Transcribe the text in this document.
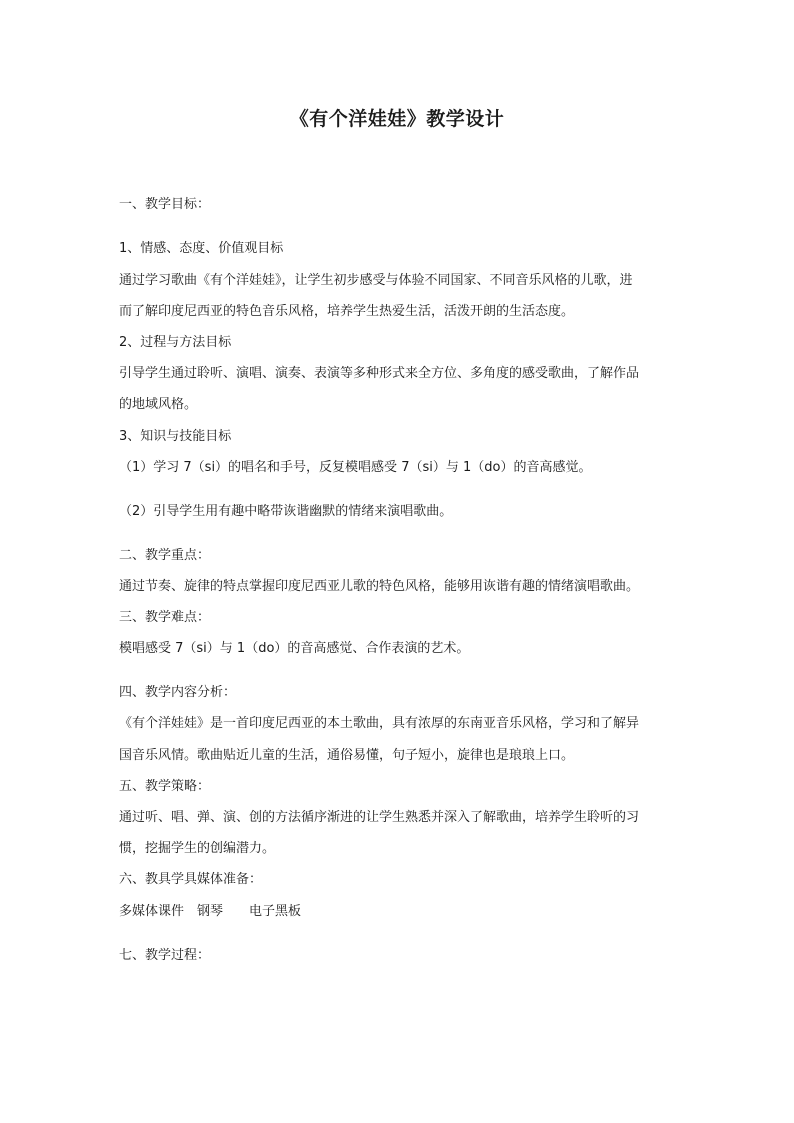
《有个洋娃娃》教学设计
一、教学目标：
1、情感、态度、价值观目标
通过学习歌曲《有个洋娃娃》，让学生初步感受与体验不同国家、不同音乐风格的儿歌，进
而了解印度尼西亚的特色音乐风格，培养学生热爱生活，活泼开朗的生活态度。
2、过程与方法目标
引导学生通过聆听、演唱、演奏、表演等多种形式来全方位、多角度的感受歌曲，了解作品
的地域风格。
3、知识与技能目标
（1）学习 7（si）的唱名和手号，反复模唱感受 7（si）与 1（do）的音高感觉。
（2）引导学生用有趣中略带诙谐幽默的情绪来演唱歌曲。
二、教学重点：
通过节奏、旋律的特点掌握印度尼西亚儿歌的特色风格，能够用诙谐有趣的情绪演唱歌曲。
三、教学难点：
模唱感受 7（si）与 1（do）的音高感觉、合作表演的艺术。
四、教学内容分析：
《有个洋娃娃》是一首印度尼西亚的本土歌曲，具有浓厚的东南亚音乐风格，学习和了解异
国音乐风情。歌曲贴近儿童的生活，通俗易懂，句子短小，旋律也是琅琅上口。
五、教学策略：
通过听、唱、弹、演、创的方法循序渐进的让学生熟悉并深入了解歌曲，培养学生聆听的习
惯，挖掘学生的创编潜力。
六、教具学具媒体准备：
多媒体课件　钢琴　　电子黑板
七、教学过程：
